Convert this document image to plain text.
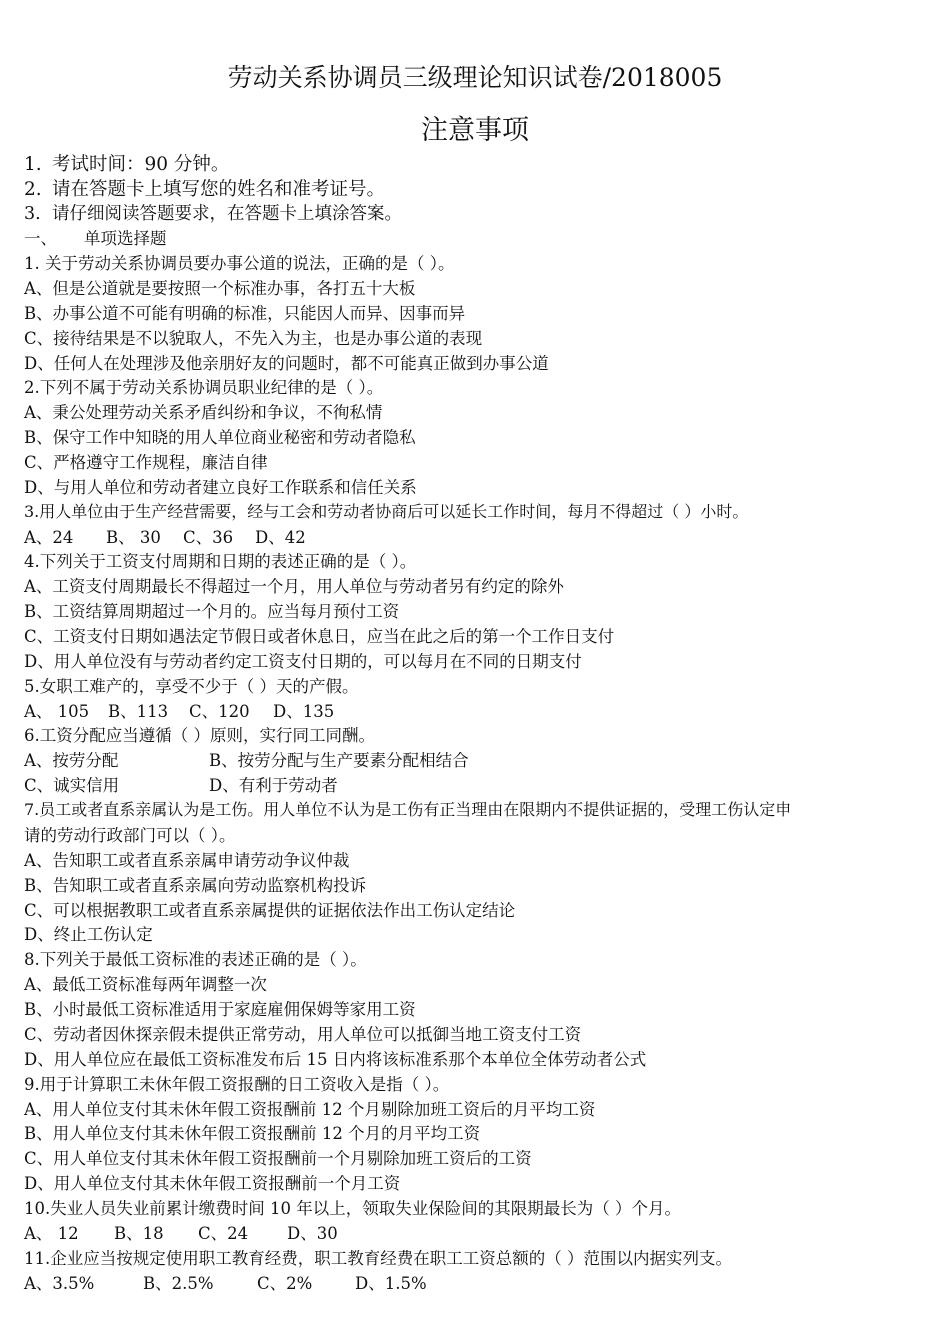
劳动关系协调员三级理论知识试卷/2018005
注意事项
1. 考试时间：90 分钟。
2. 请在答题卡上填写您的姓名和准考证号。
3. 请仔细阅读答题要求，在答题卡上填涂答案。
一、 单项选择题
1. 关于劳动关系协调员要办事公道的说法，正确的是（ ）。
A、但是公道就是要按照一个标准办事，各打五十大板
B、办事公道不可能有明确的标准，只能因人而异、因事而异
C、接待结果是不以貌取人，不先入为主，也是办事公道的表现
D、任何人在处理涉及他亲朋好友的问题时，都不可能真正做到办事公道
2.下列不属于劳动关系协调员职业纪律的是（ ）。
A、秉公处理劳动关系矛盾纠纷和争议，不徇私情
B、保守工作中知晓的用人单位商业秘密和劳动者隐私
C、严格遵守工作规程，廉洁自律
D、与用人单位和劳动者建立良好工作联系和信任关系
3.用人单位由于生产经营需要，经与工会和劳动者协商后可以延长工作时间，每月不得超过（ ）小时。
A、24 B、 30 C、36 D、42
4.下列关于工资支付周期和日期的表述正确的是（ ）。
A、工资支付周期最长不得超过一个月，用人单位与劳动者另有约定的除外
B、工资结算周期超过一个月的。应当每月预付工资
C、工资支付日期如遇法定节假日或者休息日，应当在此之后的第一个工作日支付
D、用人单位没有与劳动者约定工资支付日期的，可以每月在不同的日期支付
5.女职工难产的，享受不少于（ ）天的产假。
A、 105 B、113 C、120 D、135
6.工资分配应当遵循（ ）原则，实行同工同酬。
A、按劳分配	B、按劳分配与生产要素分配相结合
C、诚实信用	D、有利于劳动者
7.员工或者直系亲属认为是工伤。用人单位不认为是工伤有正当理由在限期内不提供证据的，受理工伤认定申
请的劳动行政部门可以（ ）。
A、告知职工或者直系亲属申请劳动争议仲裁
B、告知职工或者直系亲属向劳动监察机构投诉
C、可以根据教职工或者直系亲属提供的证据依法作出工伤认定结论
D、终止工伤认定
8.下列关于最低工资标准的表述正确的是（ ）。
A、最低工资标准每两年调整一次
B、小时最低工资标准适用于家庭雇佣保姆等家用工资
C、劳动者因休探亲假未提供正常劳动，用人单位可以抵御当地工资支付工资
D、用人单位应在最低工资标准发布后 15 日内将该标准系那个本单位全体劳动者公式
9.用于计算职工未休年假工资报酬的日工资收入是指（ ）。
A、用人单位支付其未休年假工资报酬前 12 个月剔除加班工资后的月平均工资
B、用人单位支付其未休年假工资报酬前 12 个月的月平均工资
C、用人单位支付其未休年假工资报酬前一个月剔除加班工资后的工资
D、用人单位支付其未休年假工资报酬前一个月工资
10.失业人员失业前累计缴费时间 10 年以上，领取失业保险间的其限期最长为（ ）个月。
A、 12 B、18 C、24 D、30
11.企业应当按规定使用职工教育经费，职工教育经费在职工工资总额的（ ）范围以内据实列支。
A、3.5%	B、2.5%	C、2%	D、1.5%
